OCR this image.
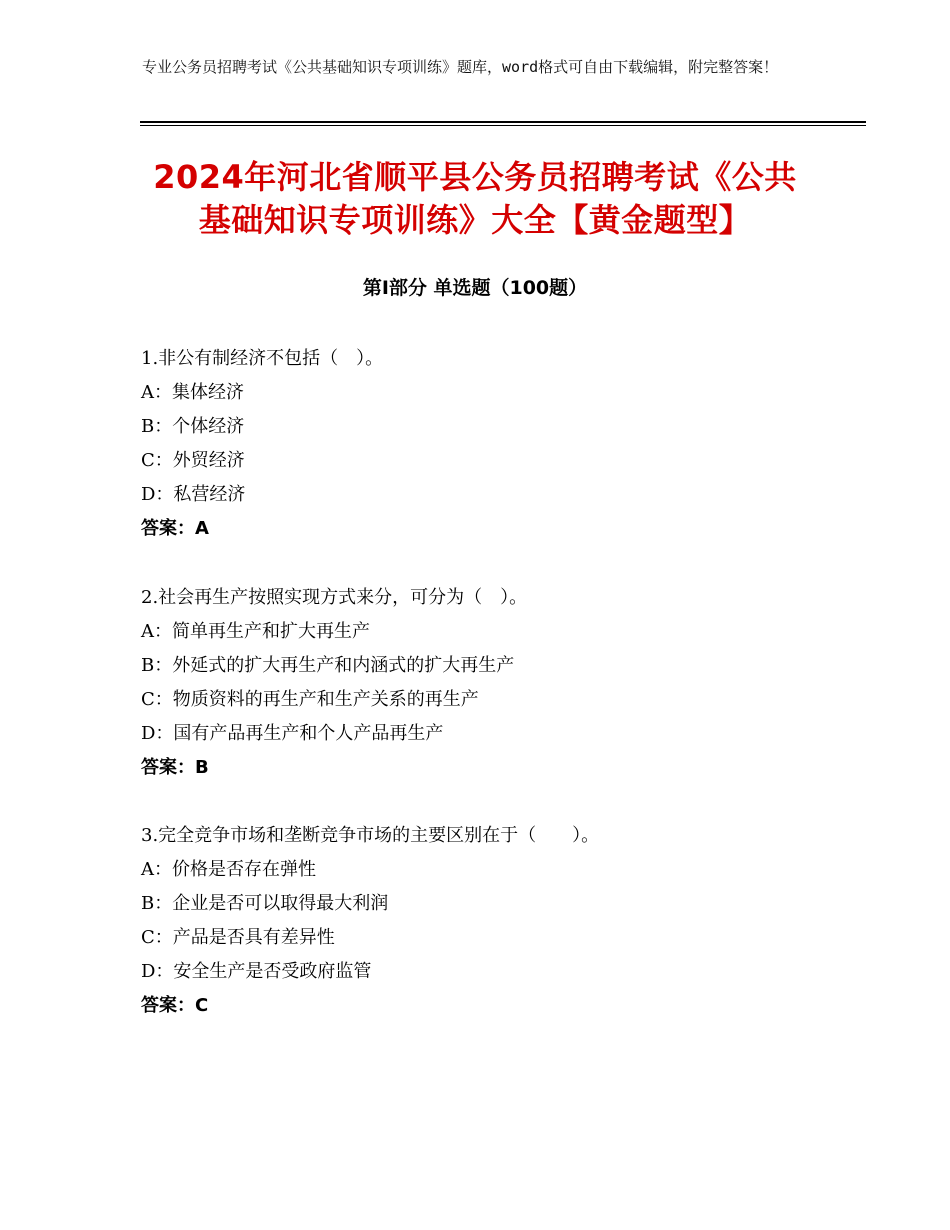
专业公务员招聘考试《公共基础知识专项训练》题库，word格式可自由下载编辑，附完整答案！
2024年河北省顺平县公务员招聘考试《公共
基础知识专项训练》大全【黄金题型】
第Ⅰ部分 单选题（100题）
1.非公有制经济不包括（　）。
A：集体经济
B：个体经济
C：外贸经济
D：私营经济
答案：A
2.社会再生产按照实现方式来分，可分为（　）。
A：简单再生产和扩大再生产
B：外延式的扩大再生产和内涵式的扩大再生产
C：物质资料的再生产和生产关系的再生产
D：国有产品再生产和个人产品再生产
答案：B
3.完全竞争市场和垄断竞争市场的主要区别在于（　　）。
A：价格是否存在弹性
B：企业是否可以取得最大利润
C：产品是否具有差异性
D：安全生产是否受政府监管
答案：C
